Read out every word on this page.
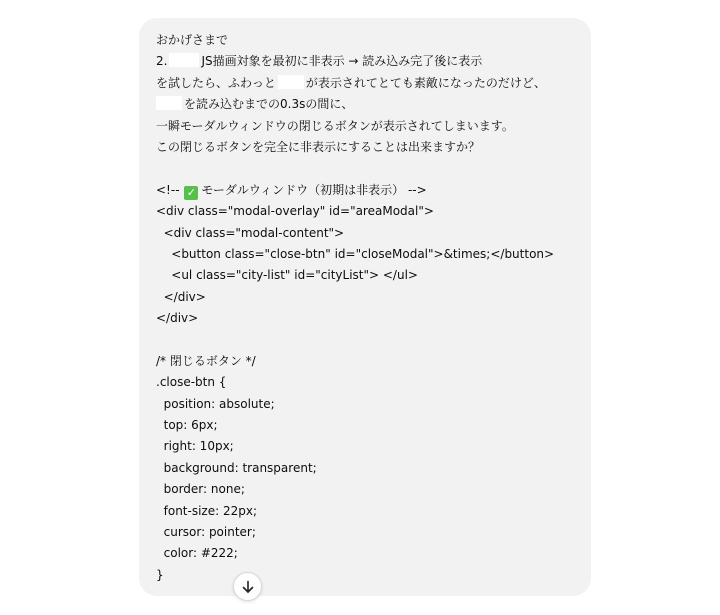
おかげさまで
2.	JS描画対象を最初に非表示 → 読み込み完了後に表示
を試したら、ふわっと	が表示されてとても素敵になったのだけど、
を読み込むまでの0.3sの間に、
一瞬モーダルウィンドウの閉じるボタンが表示されてしまいます。
この閉じるボタンを完全に非表示にすることは出来ますか？
<!-- ✓ モーダルウィンドウ（初期は非表示） -->
<div class="modal-overlay" id="areaModal">
<div class="modal-content">
<button class="close-btn" id="closeModal">&times;</button>
<ul class="city-list" id="cityList"> </ul>
</div>
</div>
/* 閉じるボタン */
.close-btn {
position: absolute;
top: 6px;
right: 10px;
background: transparent;
border: none;
font-size: 22px;
cursor: pointer;
color: #222;
}
